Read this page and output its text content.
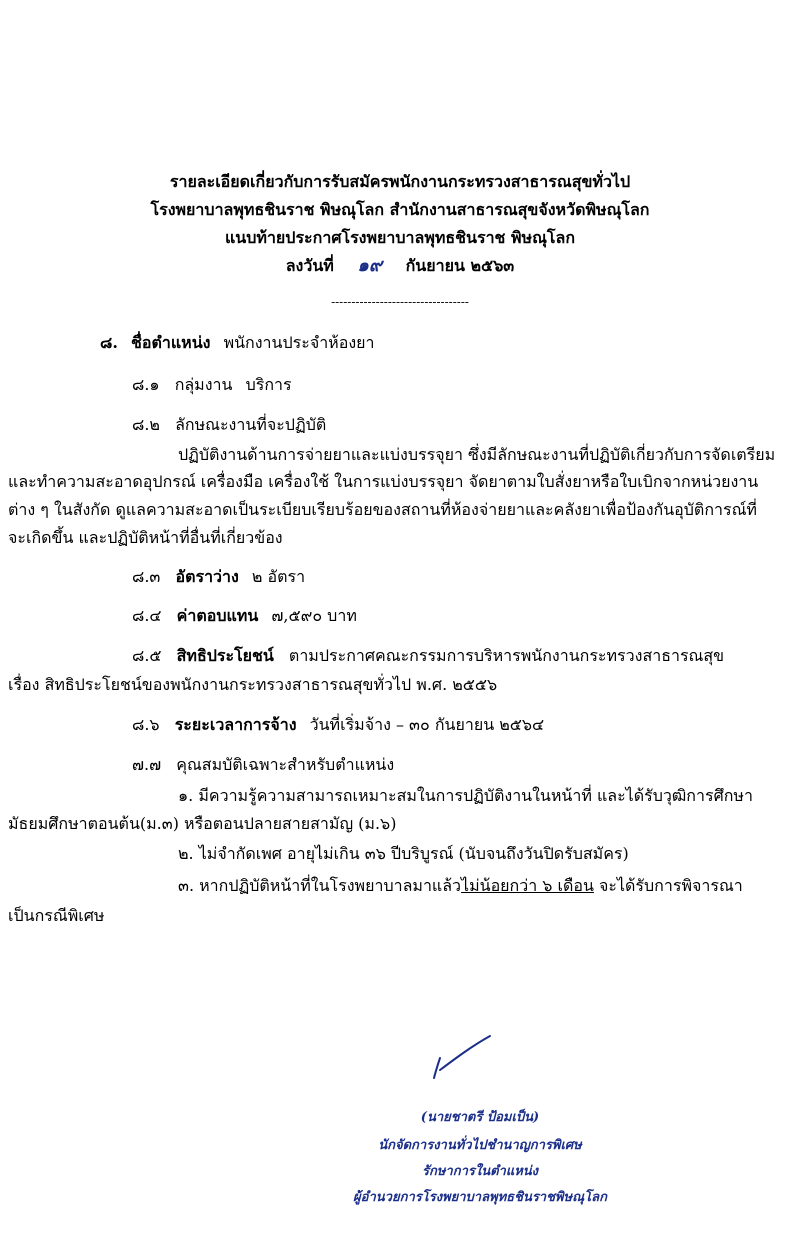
รายละเอียดเกี่ยวกับการรับสมัครพนักงานกระทรวงสาธารณสุขทั่วไป
โรงพยาบาลพุทธชินราช พิษณุโลก สำนักงานสาธารณสุขจังหวัดพิษณุโลก
แนบท้ายประกาศโรงพยาบาลพุทธชินราช พิษณุโลก
ลงวันที่ ๑๙ กันยายน ๒๕๖๓
----------------------------------
๘. ชื่อตำแหน่ง พนักงานประจำห้องยา
๘.๑ กลุ่มงาน บริการ
๘.๒ ลักษณะงานที่จะปฏิบัติ
ปฏิบัติงานด้านการจ่ายยาและแบ่งบรรจุยา ซึ่งมีลักษณะงานที่ปฏิบัติเกี่ยวกับการจัดเตรียม
และทำความสะอาดอุปกรณ์ เครื่องมือ เครื่องใช้ ในการแบ่งบรรจุยา จัดยาตามใบสั่งยาหรือใบเบิกจากหน่วยงาน
ต่าง ๆ ในสังกัด ดูแลความสะอาดเป็นระเบียบเรียบร้อยของสถานที่ห้องจ่ายยาและคลังยาเพื่อป้องกันอุบัติการณ์ที่
จะเกิดขึ้น และปฏิบัติหน้าที่อื่นที่เกี่ยวข้อง
๘.๓ อัตราว่าง ๒ อัตรา
๘.๔ ค่าตอบแทน ๗,๕๙๐ บาท
๘.๕ สิทธิประโยชน์ ตามประกาศคณะกรรมการบริหารพนักงานกระทรวงสาธารณสุข
เรื่อง สิทธิประโยชน์ของพนักงานกระทรวงสาธารณสุขทั่วไป พ.ศ. ๒๕๕๖
๘.๖ ระยะเวลาการจ้าง วันที่เริ่มจ้าง – ๓๐ กันยายน ๒๕๖๔
๗.๗ คุณสมบัติเฉพาะสำหรับตำแหน่ง
๑. มีความรู้ความสามารถเหมาะสมในการปฏิบัติงานในหน้าที่ และได้รับวุฒิการศึกษา
มัธยมศึกษาตอนต้น(ม.๓) หรือตอนปลายสายสามัญ (ม.๖)
๒. ไม่จำกัดเพศ อายุไม่เกิน ๓๖ ปีบริบูรณ์ (นับจนถึงวันปิดรับสมัคร)
๓. หากปฏิบัติหน้าที่ในโรงพยาบาลมาแล้วไม่น้อยกว่า ๖ เดือน จะได้รับการพิจารณา
เป็นกรณีพิเศษ
(นายชาตรี ป้อมเป็น)
นักจัดการงานทั่วไปชำนาญการพิเศษ
รักษาการในตำแหน่ง
ผู้อำนวยการโรงพยาบาลพุทธชินราชพิษณุโลก
